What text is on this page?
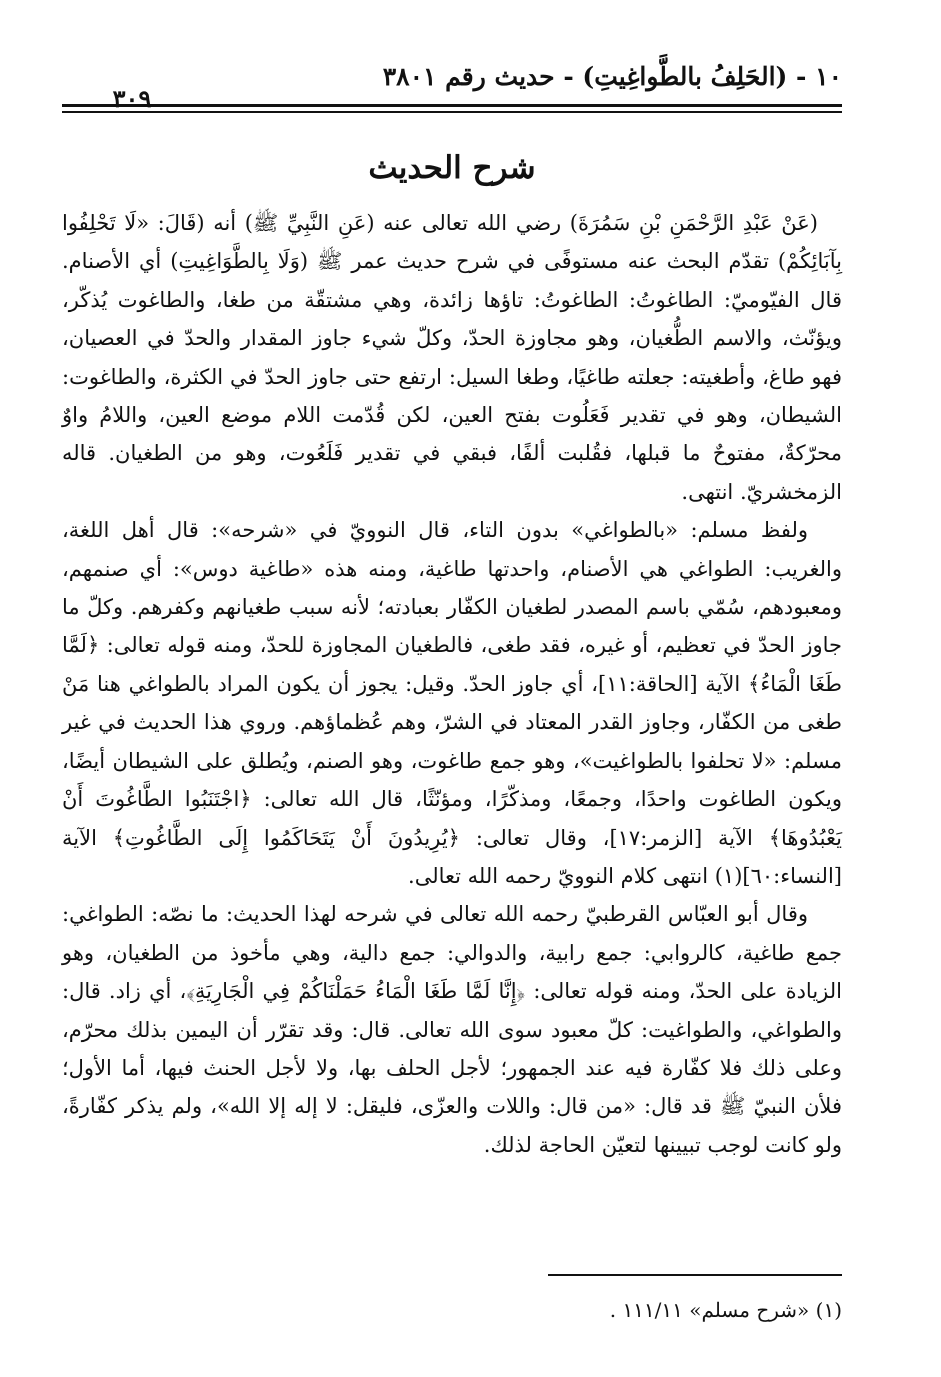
١٠ - (الحَلِفُ بالطَّواغِيتِ) - حديث رقم ٣٨٠١
٣٠٩
شرح الحديث

(عَنْ عَبْدِ الرَّحْمَنِ بْنِ سَمُرَةَ) رضي الله تعالى عنه (عَنِ النَّبِيِّ ﷺ) أنه (قَالَ: «لَا تَحْلِفُوا بِآبَائِكُمْ) تقدّم البحث عنه مستوفًى في شرح حديث عمر ﷺ (وَلَا بِالطَّوَاغِيتِ) أي الأصنام. قال الفيّوميّ: الطاغوتُ: الطاغوتُ: تاؤها زائدة، وهي مشتقّة من طغا، والطاغوت يُذكّر، ويؤنّث، والاسم الطُّغيان، وهو مجاوزة الحدّ، وكلّ شيء جاوز المقدار والحدّ في العصيان، فهو طاغ، وأطغيته: جعلته طاغيًا، وطغا السيل: ارتفع حتى جاوز الحدّ في الكثرة، والطاغوت: الشيطان، وهو في تقدير فَعَلُوت بفتح العين، لكن قُدّمت اللام موضع العين، واللامُ واوٌ محرّكةٌ، مفتوحٌ ما قبلها، فقُلبت ألفًا، فبقي في تقدير فَلَعُوت، وهو من الطغيان. قاله الزمخشريّ. انتهى.

ولفظ مسلم: «بالطواغي» بدون التاء، قال النوويّ في «شرحه»: قال أهل اللغة، والغريب: الطواغي هي الأصنام، واحدتها طاغية، ومنه هذه «طاغية دوس»: أي صنمهم، ومعبودهم، سُمّي باسم المصدر لطغيان الكفّار بعبادته؛ لأنه سبب طغيانهم وكفرهم. وكلّ ما جاوز الحدّ في تعظيم، أو غيره، فقد طغى، فالطغيان المجاوزة للحدّ، ومنه قوله تعالى: ﴿لَمَّا طَغَا الْمَاءُ﴾ الآية [الحاقة:١١]، أي جاوز الحدّ. وقيل: يجوز أن يكون المراد بالطواغي هنا مَنْ طغى من الكفّار، وجاوز القدر المعتاد في الشرّ، وهم عُظماؤهم. وروي هذا الحديث في غير مسلم: «لا تحلفوا بالطواغيت»، وهو جمع طاغوت، وهو الصنم، ويُطلق على الشيطان أيضًا، ويكون الطاغوت واحدًا، وجمعًا، ومذكّرًا، ومؤنّثًا، قال الله تعالى: ﴿اجْتَنَبُوا الطَّاغُوتَ أَنْ يَعْبُدُوهَا﴾ الآية [الزمر:١٧]، وقال تعالى: ﴿يُرِيدُونَ أَنْ يَتَحَاكَمُوا إِلَى الطَّاغُوتِ﴾ الآية [النساء:٦٠](١) انتهى كلام النوويّ رحمه الله تعالى.

وقال أبو العبّاس القرطبيّ رحمه الله تعالى في شرحه لهذا الحديث: ما نصّه: الطواغي: جمع طاغية، كالروابي: جمع رابية، والدوالي: جمع دالية، وهي مأخوذ من الطغيان، وهو الزيادة على الحدّ، ومنه قوله تعالى: ﴿إِنَّا لَمَّا طَغَا الْمَاءُ حَمَلْنَاكُمْ فِي الْجَارِيَةِ﴾، أي زاد. قال: والطواغي، والطواغيت: كلّ معبود سوى الله تعالى. قال: وقد تقرّر أن اليمين بذلك محرّم، وعلى ذلك فلا كفّارة فيه عند الجمهور؛ لأجل الحلف بها، ولا لأجل الحنث فيها، أما الأول؛ فلأن النبيّ ﷺ قد قال: «من قال: واللات والعزّى، فليقل: لا إله إلا الله»، ولم يذكر كفّارةً، ولو كانت لوجب تبيينها لتعيّن الحاجة لذلك.

(١) «شرح مسلم» ١١١/١١ .
